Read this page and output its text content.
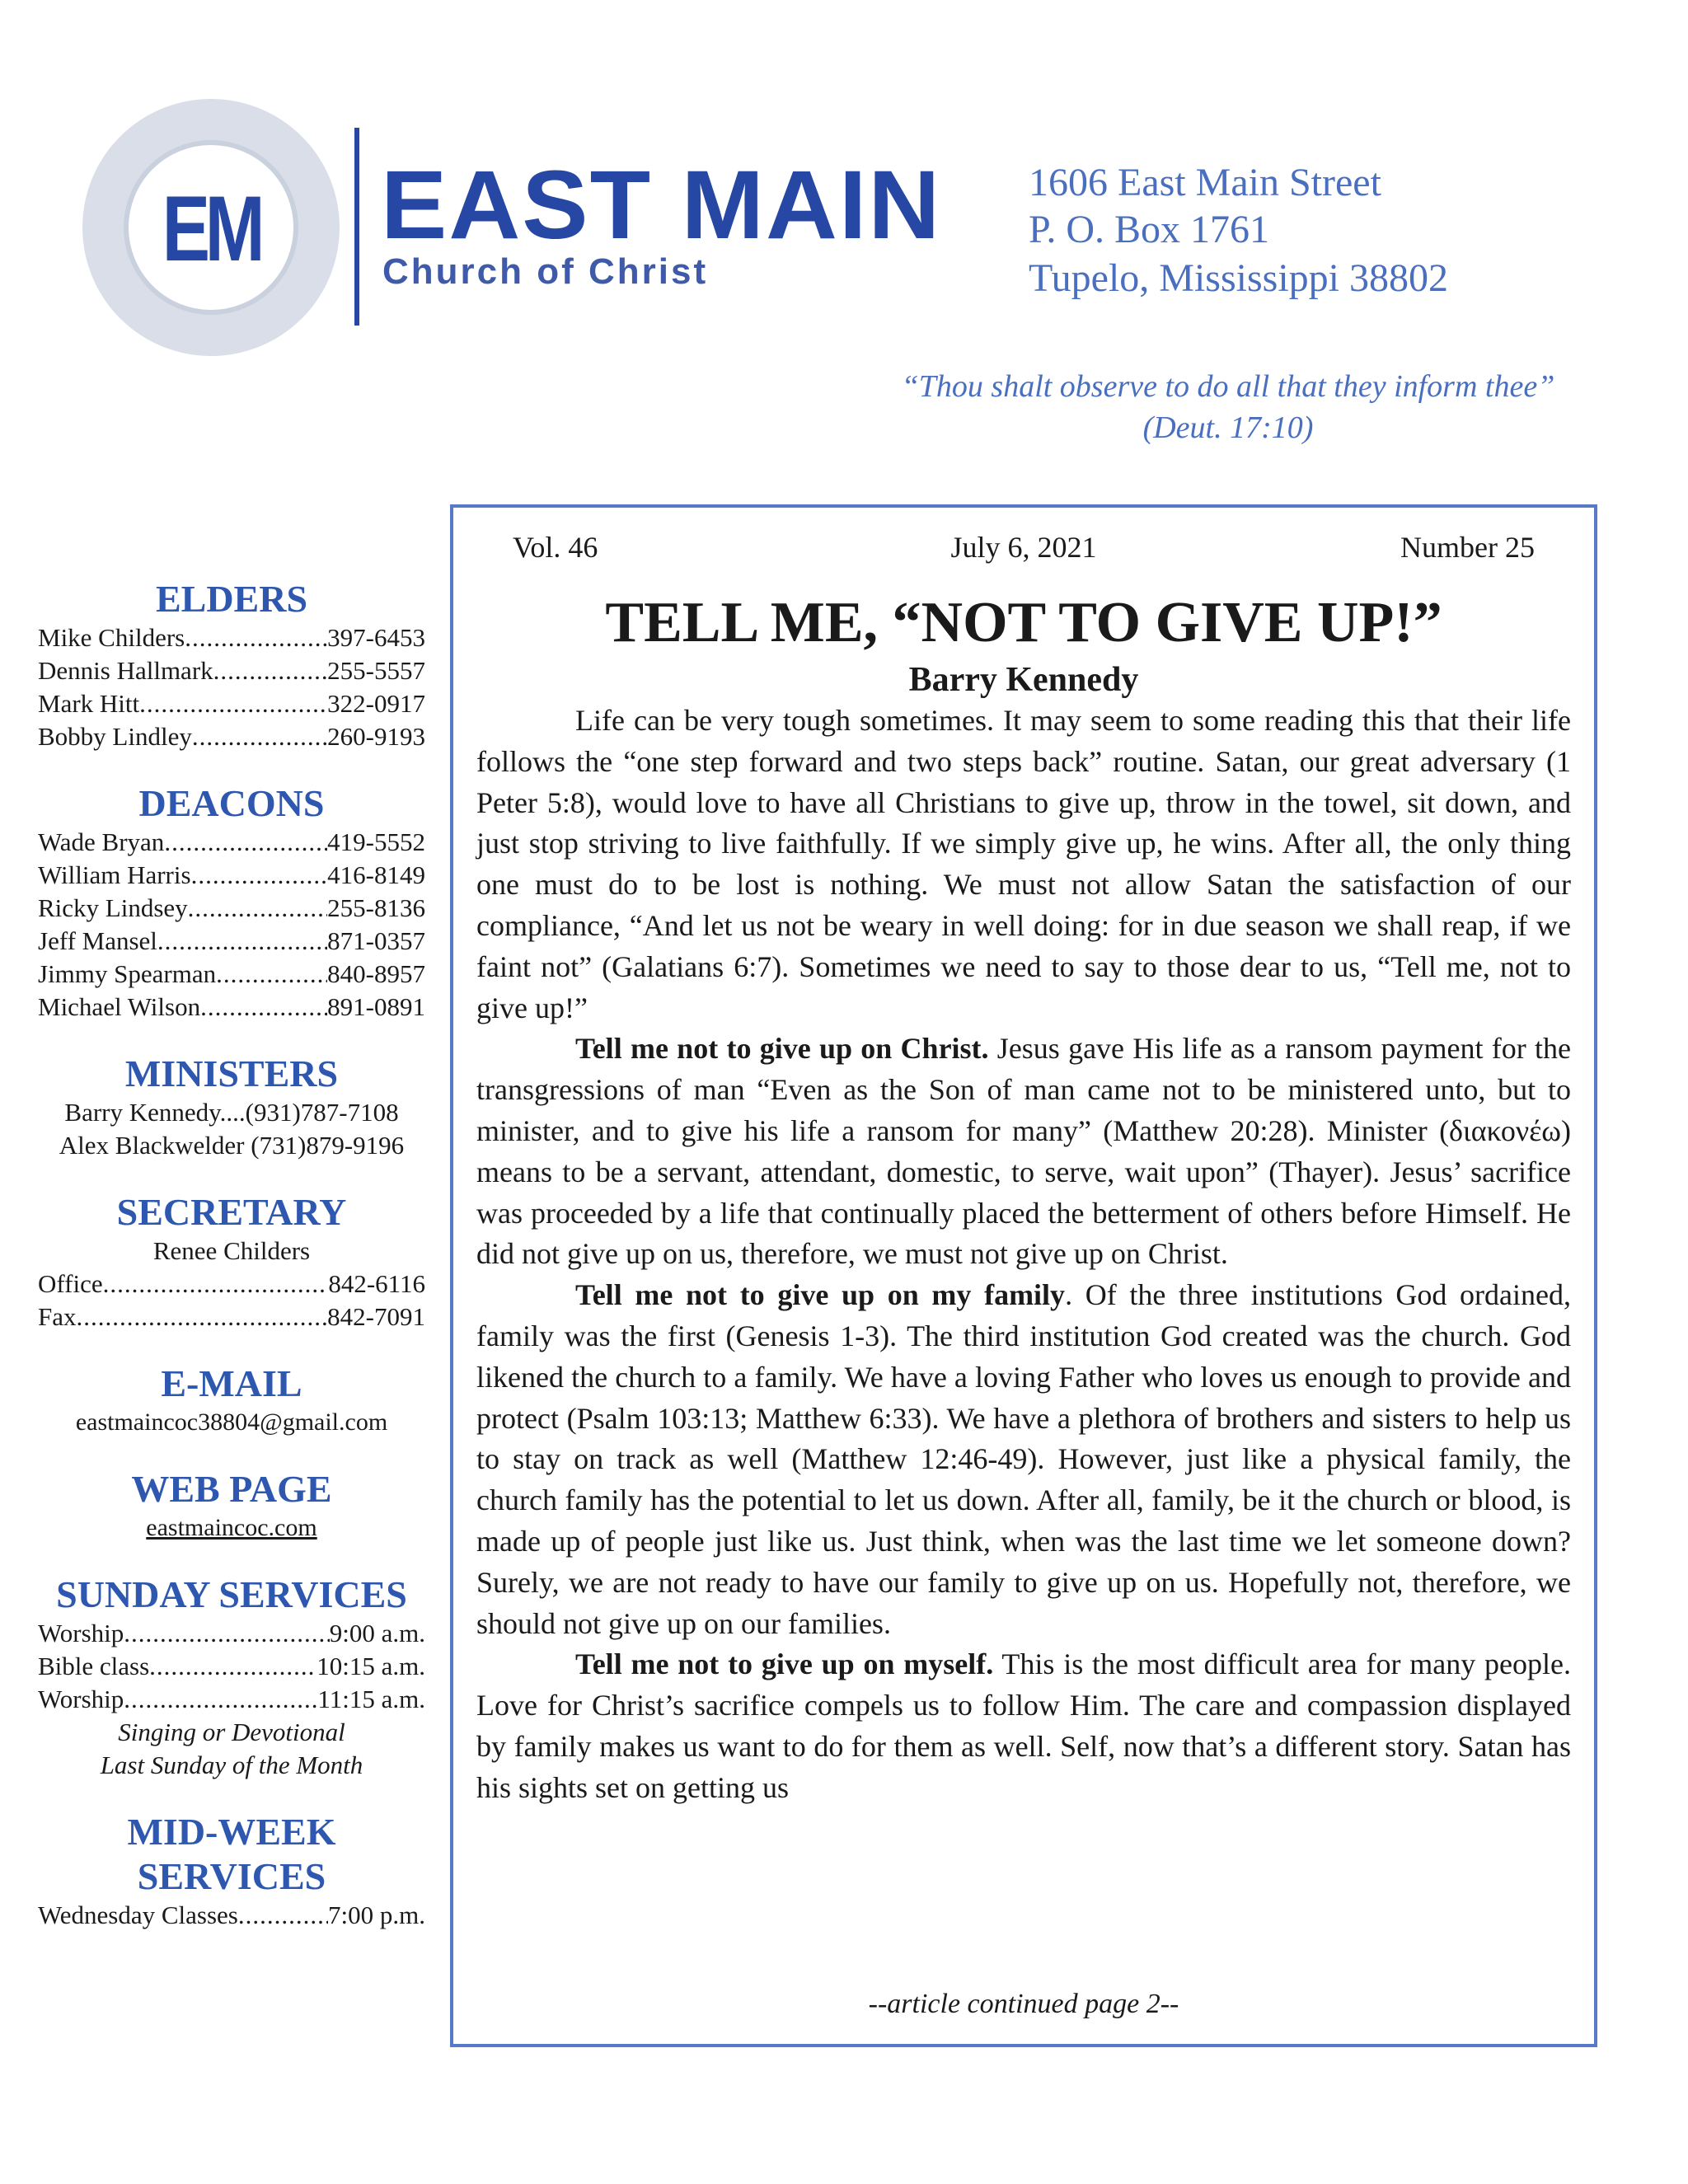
EM EAST MAIN
Church of Christ
1606 East Main Street
P. O. Box 1761
Tupelo, Mississippi 38802
“Thou shalt observe to do all that they inform thee”
(Deut. 17:10)
ELDERS
Mike Childers .....	397-6453
Dennis Hallmark .....	255-5557
Mark Hitt .....	322-0917
Bobby Lindley .....	260-9193
DEACONS
Wade Bryan .....	419-5552
William Harris .....	416-8149
Ricky Lindsey .....	255-8136
Jeff Mansel .....	871-0357
Jimmy Spearman .....	840-8957
Michael Wilson .....	891-0891
MINISTERS
Barry Kennedy....(931)787-7108
Alex Blackwelder (731)879-9196
SECRETARY
Renee Childers
Office .....	842-6116
Fax .....	842-7091
E-MAIL
eastmaincoc38804@gmail.com
WEB PAGE
eastmaincoc.com
SUNDAY SERVICES
Worship .....	9:00 a.m.
Bible class .....	10:15 a.m.
Worship .....	11:15 a.m.
Singing or Devotional
Last Sunday of the Month
MID-WEEK
SERVICES
Wednesday Classes .....	7:00 p.m.
Vol. 46	July 6, 2021	Number 25
TELL ME, “NOT TO GIVE UP!”
Barry Kennedy

Life can be very tough sometimes. It may seem to some reading this that their life follows the “one step forward and two steps back” routine. Satan, our great adversary (1 Peter 5:8), would love to have all Christians to give up, throw in the towel, sit down, and just stop striving to live faithfully. If we simply give up, he wins. After all, the only thing one must do to be lost is nothing. We must not allow Satan the satisfaction of our compliance, “And let us not be weary in well doing: for in due season we shall reap, if we faint not” (Galatians 6:7). Sometimes we need to say to those dear to us, “Tell me, not to give up!”

Tell me not to give up on Christ. Jesus gave His life as a ransom payment for the transgressions of man “Even as the Son of man came not to be ministered unto, but to minister, and to give his life a ransom for many” (Matthew 20:28). Minister (διακονέω) means to be a servant, attendant, domestic, to serve, wait upon” (Thayer). Jesus’ sacrifice was proceeded by a life that continually placed the betterment of others before Himself. He did not give up on us, therefore, we must not give up on Christ.

Tell me not to give up on my family. Of the three institutions God ordained, family was the first (Genesis 1-3). The third institution God created was the church. God likened the church to a family. We have a loving Father who loves us enough to provide and protect (Psalm 103:13; Matthew 6:33). We have a plethora of brothers and sisters to help us to stay on track as well (Matthew 12:46-49). However, just like a physical family, the church family has the potential to let us down. After all, family, be it the church or blood, is made up of people just like us. Just think, when was the last time we let someone down? Surely, we are not ready to have our family to give up on us. Hopefully not, therefore, we should not give up on our families.

Tell me not to give up on myself. This is the most difficult area for many people. Love for Christ’s sacrifice compels us to follow Him. The care and compassion displayed by family makes us want to do for them as well. Self, now that’s a different story. Satan has his sights set on getting us

--article continued page 2--
